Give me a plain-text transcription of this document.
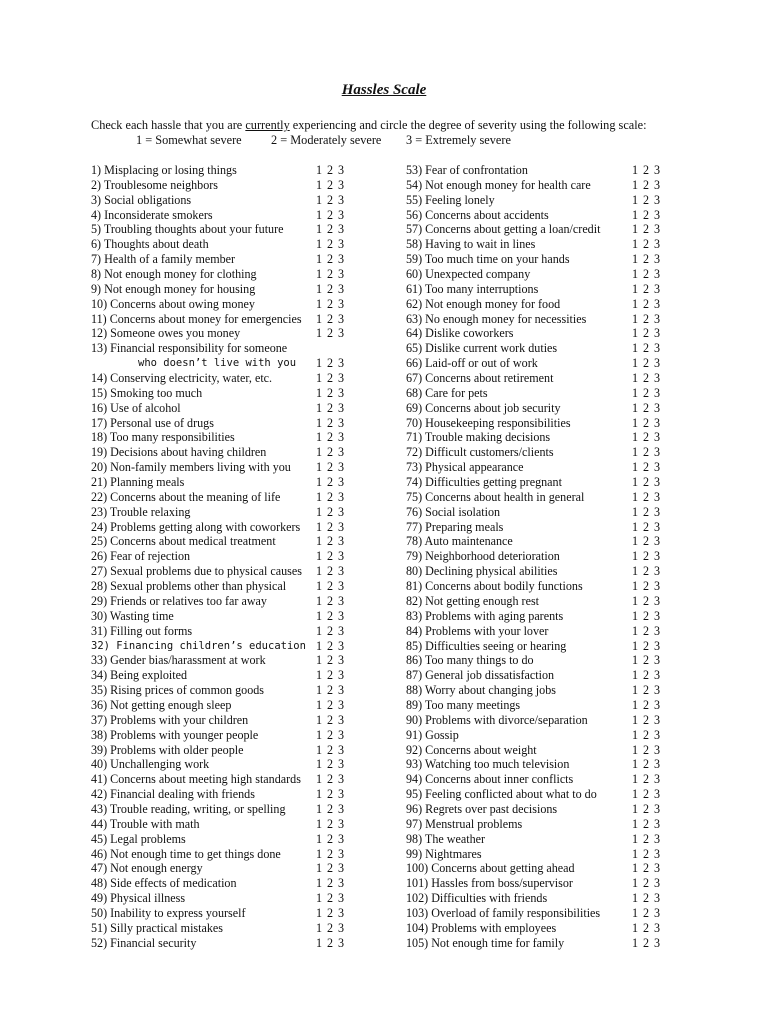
Hassles Scale
Check each hassle that you are currently experiencing and circle the degree of severity using the following scale:
1 = Somewhat severe 2 = Moderately severe 3 = Extremely severe
1) Misplacing or losing things	1 2 3
2) Troublesome neighbors	1 2 3
3) Social obligations	1 2 3
4) Inconsiderate smokers	1 2 3
5) Troubling thoughts about your future	1 2 3
6) Thoughts about death	1 2 3
7) Health of a family member	1 2 3
8) Not enough money for clothing	1 2 3
9) Not enough money for housing	1 2 3
10) Concerns about owing money	1 2 3
11) Concerns about money for emergencies 1 2 3
12) Someone owes you money	1 2 3
13) Financial responsibility for someone
who doesn’t live with you 1 2 3
14) Conserving electricity, water, etc.	1 2 3
15) Smoking too much	1 2 3
16) Use of alcohol	1 2 3
17) Personal use of drugs	1 2 3
18) Too many responsibilities	1 2 3
19) Decisions about having children	1 2 3
20) Non-family members living with you 1 2 3
21) Planning meals	1 2 3
22) Concerns about the meaning of life	1 2 3
23) Trouble relaxing	1 2 3
24) Problems getting along with coworkers 1 2 3
25) Concerns about medical treatment	1 2 3
26) Fear of rejection	1 2 3
27) Sexual problems due to physical causes 1 2 3
28) Sexual problems other than physical 1 2 3
29) Friends or relatives too far away	1 2 3
30) Wasting time	1 2 3
31) Filling out forms	1 2 3
32) Financing children’s education 1 2 3
33) Gender bias/harassment at work	1 2 3
34) Being exploited	1 2 3
35) Rising prices of common goods	1 2 3
36) Not getting enough sleep	1 2 3
37) Problems with your children	1 2 3
38) Problems with younger people	1 2 3
39) Problems with older people	1 2 3
40) Unchallenging work	1 2 3
41) Concerns about meeting high standards 1 2 3
42) Financial dealing with friends	1 2 3
43) Trouble reading, writing, or spelling	1 2 3
44) Trouble with math	1 2 3
45) Legal problems	1 2 3
46) Not enough time to get things done	1 2 3
47) Not enough energy	1 2 3
48) Side effects of medication	1 2 3
49) Physical illness	1 2 3
50) Inability to express yourself	1 2 3
51) Silly practical mistakes	1 2 3
52) Financial security	1 2 3
53) Fear of confrontation	1 2 3
54) Not enough money for health care	1 2 3
55) Feeling lonely	1 2 3
56) Concerns about accidents	1 2 3
57) Concerns about getting a loan/credit	1 2 3
58) Having to wait in lines	1 2 3
59) Too much time on your hands	1 2 3
60) Unexpected company	1 2 3
61) Too many interruptions	1 2 3
62) Not enough money for food	1 2 3
63) No enough money for necessities	1 2 3
64) Dislike coworkers	1 2 3
65) Dislike current work duties	1 2 3
66) Laid-off or out of work	1 2 3
67) Concerns about retirement	1 2 3
68) Care for pets	1 2 3
69) Concerns about job security	1 2 3
70) Housekeeping responsibilities	1 2 3
71) Trouble making decisions	1 2 3
72) Difficult customers/clients	1 2 3
73) Physical appearance	1 2 3
74) Difficulties getting pregnant	1 2 3
75) Concerns about health in general	1 2 3
76) Social isolation	1 2 3
77) Preparing meals	1 2 3
78) Auto maintenance	1 2 3
79) Neighborhood deterioration	1 2 3
80) Declining physical abilities	1 2 3
81) Concerns about bodily functions	1 2 3
82) Not getting enough rest	1 2 3
83) Problems with aging parents	1 2 3
84) Problems with your lover	1 2 3
85) Difficulties seeing or hearing	1 2 3
86) Too many things to do	1 2 3
87) General job dissatisfaction	1 2 3
88) Worry about changing jobs	1 2 3
89) Too many meetings	1 2 3
90) Problems with divorce/separation	1 2 3
91) Gossip	1 2 3
92) Concerns about weight	1 2 3
93) Watching too much television	1 2 3
94) Concerns about inner conflicts	1 2 3
95) Feeling conflicted about what to do	1 2 3
96) Regrets over past decisions	1 2 3
97) Menstrual problems	1 2 3
98) The weather	1 2 3
99) Nightmares	1 2 3
100) Concerns about getting ahead	1 2 3
101) Hassles from boss/supervisor	1 2 3
102) Difficulties with friends	1 2 3
103) Overload of family responsibilities	1 2 3
104) Problems with employees	1 2 3
105) Not enough time for family	1 2 3
